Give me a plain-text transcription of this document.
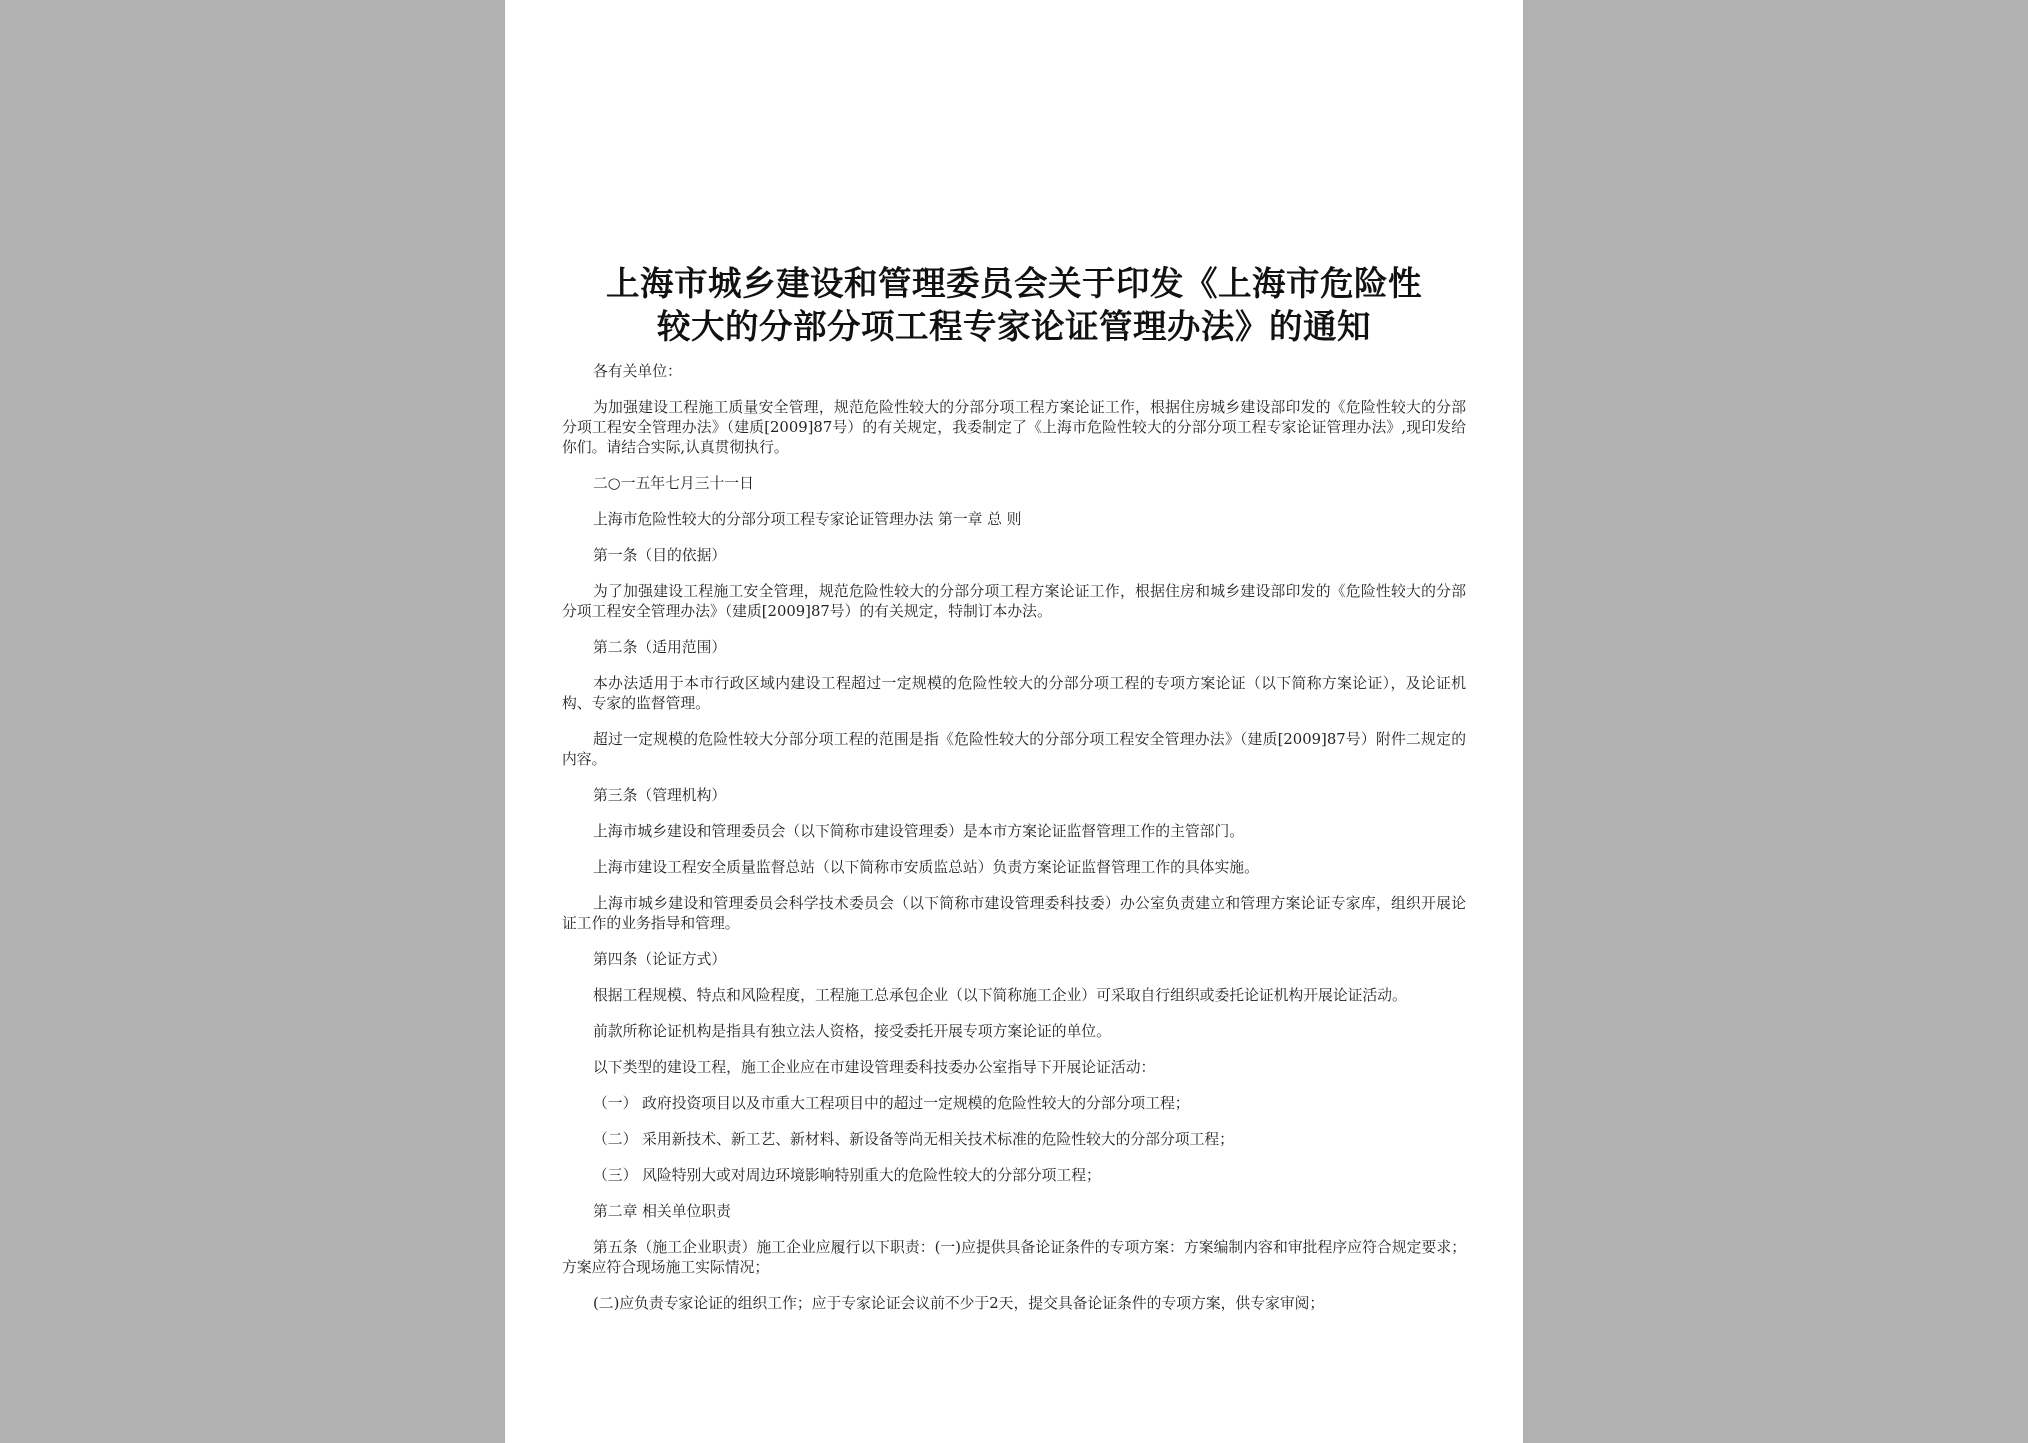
上海市城乡建设和管理委员会关于印发《上海市危险性
较大的分部分项工程专家论证管理办法》的通知

各有关单位：

为加强建设工程施工质量安全管理，规范危险性较大的分部分项工程方案论证工作，根据住房城乡建设部印发的《危险性较大的分部分项工程安全管理办法》（建质[2009]87号）的有关规定，我委制定了《上海市危险性较大的分部分项工程专家论证管理办法》,现印发给你们。请结合实际,认真贯彻执行。

二○一五年七月三十一日

上海市危险性较大的分部分项工程专家论证管理办法 第一章 总 则

第一条（目的依据）

为了加强建设工程施工安全管理，规范危险性较大的分部分项工程方案论证工作，根据住房和城乡建设部印发的《危险性较大的分部分项工程安全管理办法》（建质[2009]87号）的有关规定，特制订本办法。

第二条（适用范围）

本办法适用于本市行政区域内建设工程超过一定规模的危险性较大的分部分项工程的专项方案论证（以下简称方案论证），及论证机构、专家的监督管理。

超过一定规模的危险性较大分部分项工程的范围是指《危险性较大的分部分项工程安全管理办法》（建质[2009]87号）附件二规定的内容。

第三条（管理机构）

上海市城乡建设和管理委员会（以下简称市建设管理委）是本市方案论证监督管理工作的主管部门。

上海市建设工程安全质量监督总站（以下简称市安质监总站）负责方案论证监督管理工作的具体实施。

上海市城乡建设和管理委员会科学技术委员会（以下简称市建设管理委科技委）办公室负责建立和管理方案论证专家库，组织开展论证工作的业务指导和管理。

第四条（论证方式）

根据工程规模、特点和风险程度，工程施工总承包企业（以下简称施工企业）可采取自行组织或委托论证机构开展论证活动。

前款所称论证机构是指具有独立法人资格，接受委托开展专项方案论证的单位。

以下类型的建设工程，施工企业应在市建设管理委科技委办公室指导下开展论证活动：

（一） 政府投资项目以及市重大工程项目中的超过一定规模的危险性较大的分部分项工程；

（二） 采用新技术、新工艺、新材料、新设备等尚无相关技术标准的危险性较大的分部分项工程；

（三） 风险特别大或对周边环境影响特别重大的危险性较大的分部分项工程；

第二章 相关单位职责

第五条（施工企业职责）施工企业应履行以下职责：(一)应提供具备论证条件的专项方案：方案编制内容和审批程序应符合规定要求；方案应符合现场施工实际情况；

(二)应负责专家论证的组织工作；应于专家论证会议前不少于2天，提交具备论证条件的专项方案，供专家审阅；
